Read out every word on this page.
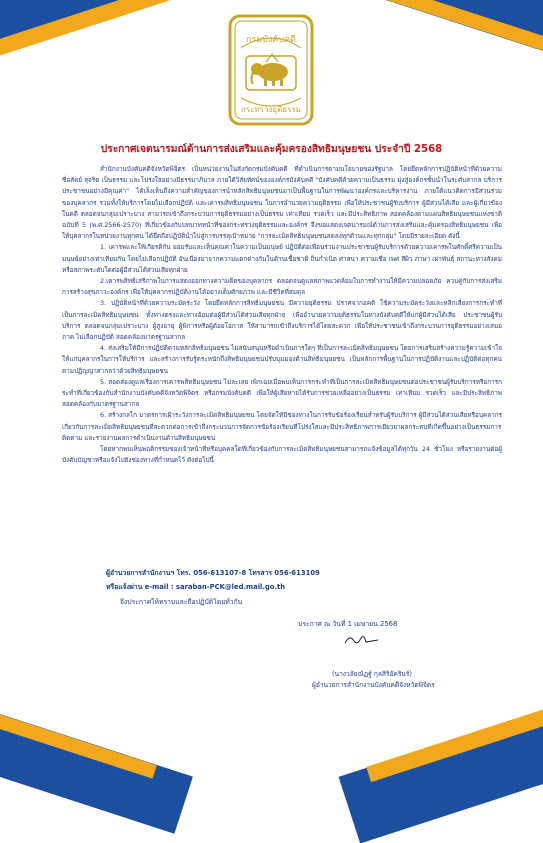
กรมบังคับคดี
กระทรวงยุติธรรม
ประกาศเจตนารมณ์ด้านการส่งเสริมและคุ้มครองสิทธิมนุษยชน ประจำปี 2568

สำนักงานบังคับคดีจังหวัดพิจิตร เป็นหน่วยงานในสังกัดกรมบังคับคดี ที่ดำเนินการตามนโยบายของรัฐบาล โดยยึดหลักการปฏิบัติหน้าที่ด้วยความซื่อสัตย์ สุจริต เป็นธรรม และโปร่งใสอย่างมีธรรมาภิบาล ภายใต้วิสัยทัศน์ขององค์กรบังคับคดี "บังคับคดีด้วยความเป็นธรรม มุ่งสู่องค์กรชั้นนำในระดับสากล บริการประชาชนอย่างมีคุณค่า" ได้เล็งเห็นถึงความสำคัญของการนำหลักสิทธิมนุษยชนมาเป็นพื้นฐานในการพัฒนาองค์กรและบริหารงาน ภายใต้แนวคิดการมีส่วนร่วมของบุคลากร รวมทั้งให้บริการโดยไม่เลือกปฏิบัติ และเคารพสิทธิมนุษยชน ในการอำนวยความยุติธรรม เพื่อให้ประชาชนผู้รับบริการ ผู้มีส่วนได้เสีย และผู้เกี่ยวข้องในคดี ตลอดจนกลุ่มเปราะบาง สามารถเข้าถึงกระบวนการยุติธรรมอย่างเป็นธรรม เท่าเทียม รวดเร็ว และมีประสิทธิภาพ สอดคล้องตามแผนสิทธิมนุษยชนแห่งชาติ ฉบับที่ 5 (พ.ศ.2566-2570) ที่เกี่ยวข้องกับบทบาทหน้าที่ของกระทรวงยุติธรรมและองค์กร จึงขอแสดงเจตนารมณ์ด้านการส่งเสริมและคุ้มครองสิทธิมนุษยชน เพื่อให้บุคลากรในหน่วยงานทุกคน ได้ยึดถือปฏิบัตินำไปสู่การบรรลุเป้าหมาย "การละเมิดสิทธิมนุษยชนลดลงทุกด้านและทุกกลุ่ม" โดยมีรายละเอียด ดังนี้

1. เคารพและให้เกียรติกัน ยอมรับและเห็นคุณค่าในความเป็นมนุษย์ ปฏิบัติต่อเพื่อนร่วมงานประชาชนผู้รับบริการด้วยความเคารพในศักดิ์ศรีความเป็นมนุษย์อย่างเท่าเทียมกัน โดยไม่เลือกปฏิบัติ อันเนื่องมาจากความแตกต่างกันในด้านเชื้อชาติ ถิ่นกำเนิด ศาสนา ความเชื่อ เพศ สีผิว ภาษา เผ่าพันธุ์ สถานะทางสังคม หรือสภาพระดับใดต่อผู้มีส่วนได้ส่วนเสียทุกฝ่าย

2.เคารพสิทธิเสรีภาพในการแสดงออกทางความคิดของบุคลากร ตลอดจนดูแลสภาพแวดล้อมในการทำงานให้มีความปลอดภัย ควบคู่กับการส่งเสริมการสร้างสุขภาวะองค์กร เพื่อให้บุคลากรปฏิบัติงานได้อย่างเต็มศักยภาพ และมีชีวิตที่สมดุล

3. ปฏิบัติหน้าที่ด้วยความระมัดระวัง โดยยึดหลักการสิทธิมนุษยชน มีความยุติธรรม ปราศจากอคติ ใช้ความระมัดระวังและหลีกเลี่ยงการกระทำที่เป็นการละเมิดสิทธิมนุษยชน ทั้งทางตรงและทางอ้อมต่อผู้มีส่วนได้ส่วนเสียทุกฝ่าย เพื่ออำนวยความยุติธรรมในทางบังคับคดีให้แก่ผู้มีส่วนได้เสีย ประชาชนผู้รับบริการ ตลอดจนกลุ่มเปราะบาง ผู้สูงอายุ ผู้พิการหรือผู้ด้อยโอกาส ให้สามารถเข้าถึงบริการได้โดยสะดวก เพื่อให้ประชาชนเข้าถึงกระบวนการยุติธรรมอย่างเสมอภาค ไม่เลือกปฏิบัติ สอดคล้องมาตรฐานสากล

4. ส่งเสริมให้มีการปฏิบัติตามหลักสิทธิมนุษยชน ไม่สนับสนุนหรือดำเนินการใดๆ ที่เป็นการละเมิดสิทธิมนุษยชน โดยการเสริมสร้างความรู้ความเข้าใจ ให้แก่บุคลากรในการให้บริการ และสร้างการรับรู้ตระหนักถึงสิทธิมนุษยชนปรับมุมมองด้านสิทธิมนุษยชน เป็นหลักการพื้นฐานในการปฏิบัติงานและปฏิบัติต่อทุกคนตามปฏิญญาสากลว่าด้วยสิทธิมนุษยชน

5. สอดส่องดูแลเรื่องการเคารพสิทธิมนุษยชน ไม่ละเลย เพิกเฉยเมื่อพบเห็นการกระทำที่เป็นการละเมิดสิทธิมนุษยชนต่อประชาชนผู้รับบริการหรือการกระทำที่เกี่ยวข้องกับสำนักงานบังคับคดีจังหวัดพิจิตร หรือกรมบังคับคดี เพื่อให้ผู้เสียหายได้รับการช่วยเหลืออย่างเป็นธรรม เท่าเทียม รวดเร็ว และมีประสิทธิภาพ สอดคล้องกับมาตรฐานสากล

6. สร้างกลไก มาตรการเฝ้าระวังการละเมิดสิทธิมนุษยชน โดยจัดให้มีช่องทางในการรับข้อร้องเรียนสำหรับผู้รับบริการ ผู้มีส่วนได้ส่วนเสียหรือบุคลากร เกี่ยวกับการละเมิดสิทธิมนุษยชนที่สะดวกต่อการเข้าถึงกระบวนการจัดการข้อร้องเรียนที่โปร่งใสและมีประสิทธิภาพการเยียวยาผลกระทบที่เกิดขึ้นอย่างเป็นธรรมการติดตาม และรายงานผลการดำเนินงานด้านสิทธิมนุษยชน

โดยหากพบเห็นพฤติกรรมของเจ้าหน้าที่หรือบุคคลใดที่เกี่ยวข้องกับการละเมิดสิทธิมนุษยชนสามารถแจ้งข้อมูลได้ทุกวัน 24 ชั่วโมง หรือรายงานต่อผู้บังคับบัญชาหรือแจ้งไปยังช่องทางที่กำหนดไว้ ดังต่อไปนี้

ผู้อำนวยการสำนักงานฯ โทร. 056-613107-8 โทรสาร 056-613109
หรือแจ้งผ่าน e-mail : saraban-PCK@led.mail.go.th
จึงประกาศให้ทราบและถือปฏิบัติโดยทั่วกัน
ประกาศ ณ วันที่ 1 เมษายน 2568
(นางวลัยณัฏฐ์ กุลสิริอัครินร์)
ผู้อำนวยการสำนักงานบังคับคดีจังหวัดพิจิตร
